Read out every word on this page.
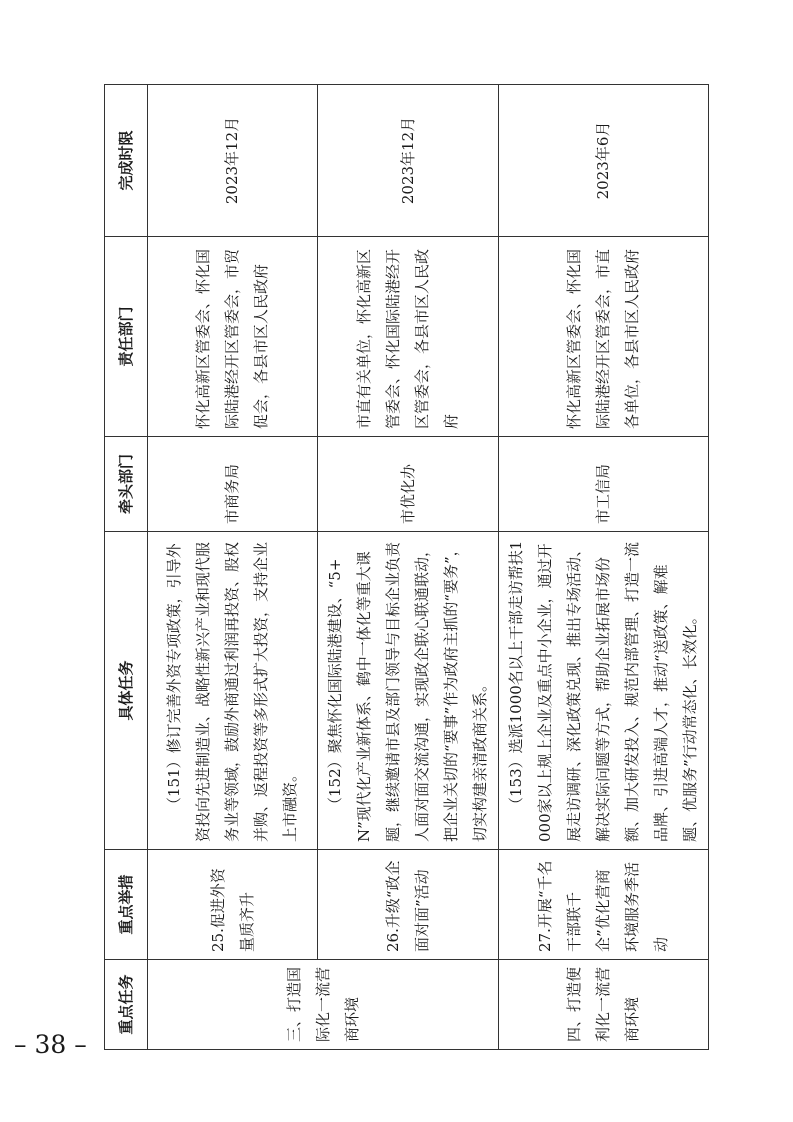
– 38 –
重点任务	重点举措	具体任务	牵头部门	责任部门	完成时限
三、打造国际化一流营商环境	25.促进外资量质齐升	（151）修订完善外资专项政策，引导外资投向先进制造业、战略性新兴产业和现代服务业等领域，鼓励外商通过利润再投资、股权并购、返程投资等多形式扩大投资，支持企业上市融资。	市商务局	怀化高新区管委会、怀化国际陆港经开区管委会，市贸促会，各县市区人民政府	2023年12月
	26.升级“政企面对面”活动	（152）聚焦怀化国际陆港建设、“5+N”现代化产业新体系、鹤中一体化等重大课题，继续邀请市县及部门领导与目标企业负责人面对面交流沟通，实现政企联心联通联动，把企业关切的“要事”作为政府主抓的“要务”，切实构建亲清政商关系。	市优化办	市直有关单位，怀化高新区管委会、怀化国际陆港经开区管委会，各县市区人民政府	2023年12月
四、打造便利化一流营商环境	27.开展“千名干部联千企”优化营商环境服务季活动	（153）选派1000名以上干部走访帮扶1000家以上规上企业及重点中小企业，通过开展走访调研、深化政策兑现、推出专场活动、解决实际问题等方式，帮助企业拓展市场份额、加大研发投入、规范内部管理、打造一流品牌、引进高端人才，推动“送政策、解难题、优服务”行动常态化、长效化。	市工信局	怀化高新区管委会、怀化国际陆港经开区管委会，市直各单位，各县市区人民政府	2023年6月
